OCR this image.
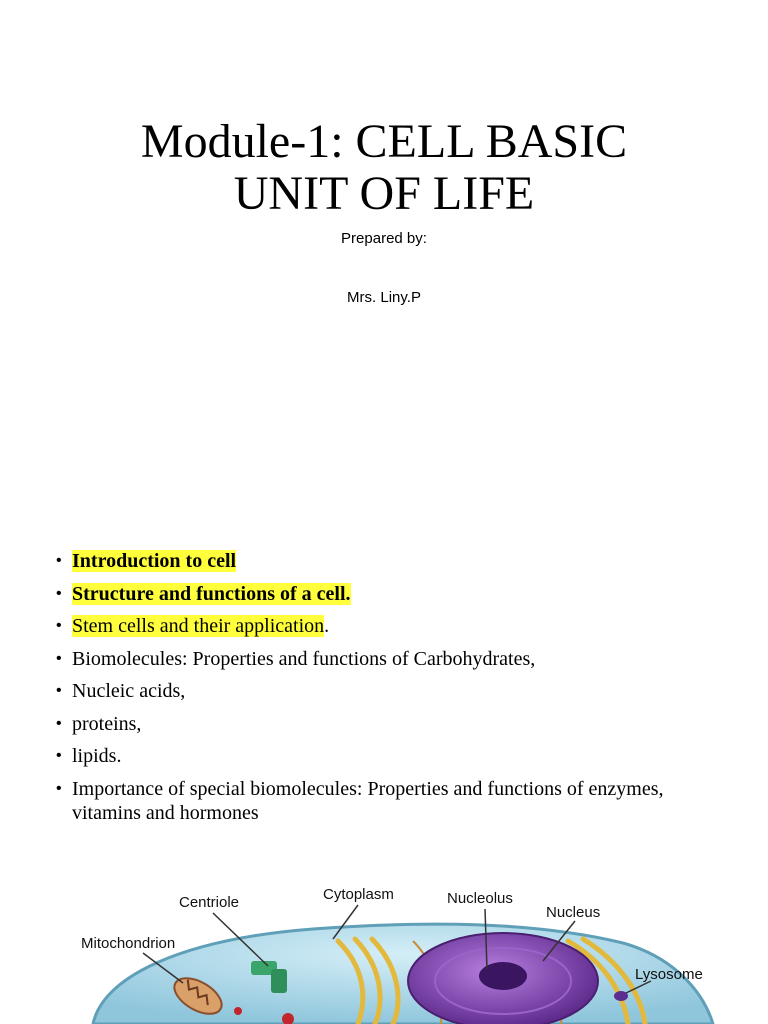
Module-1: CELL BASIC
UNIT OF LIFE
Prepared by:
Mrs. Liny.P
• Introduction to cell
• Structure and functions of a cell.
• Stem cells and their application.
• Biomolecules: Properties and functions of Carbohydrates,
• Nucleic acids,
• proteins,
• lipids.
• Importance of special biomolecules: Properties and functions of enzymes, vitamins and hormones
Centriole	Cytoplasm	Nucleolus
Nucleus
Mitochondrion
Lysosome
